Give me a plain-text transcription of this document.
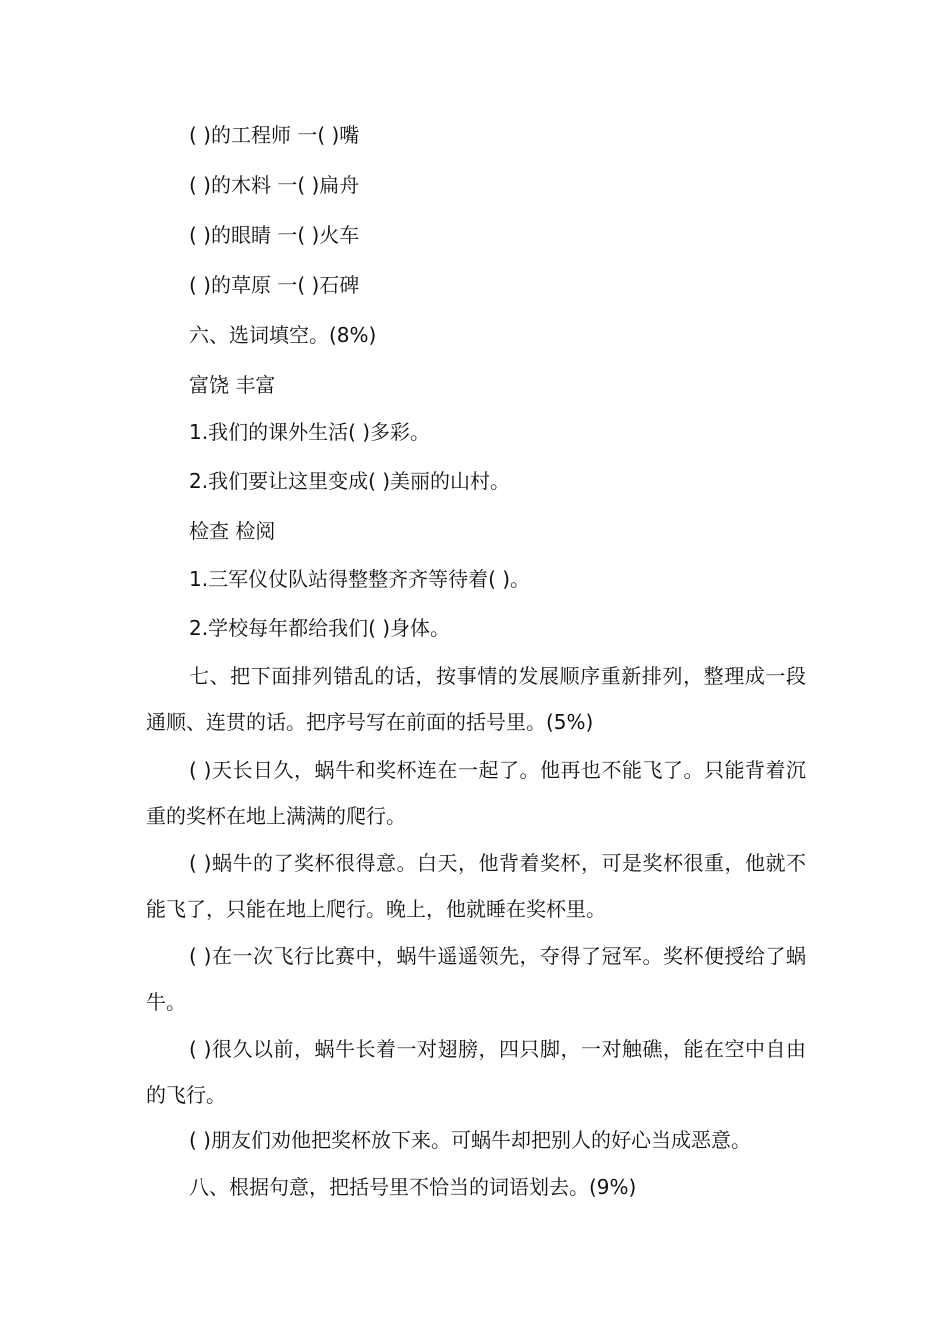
( )的工程师 一( )嘴
( )的木料 一( )扁舟
( )的眼睛 一( )火车
( )的草原 一( )石碑
六、选词填空。(8%)
富饶 丰富
1.我们的课外生活( )多彩。
2.我们要让这里变成( )美丽的山村。
检查 检阅
1.三军仪仗队站得整整齐齐等待着( )。
2.学校每年都给我们( )身体。
七、把下面排列错乱的话，按事情的发展顺序重新排列，整理成一段通顺、连贯的话。把序号写在前面的括号里。(5%)
( )天长日久，蜗牛和奖杯连在一起了。他再也不能飞了。只能背着沉重的奖杯在地上满满的爬行。
( )蜗牛的了奖杯很得意。白天，他背着奖杯，可是奖杯很重，他就不能飞了，只能在地上爬行。晚上，他就睡在奖杯里。
( )在一次飞行比赛中，蜗牛遥遥领先，夺得了冠军。奖杯便授给了蜗牛。
( )很久以前，蜗牛长着一对翅膀，四只脚，一对触礁，能在空中自由的飞行。
( )朋友们劝他把奖杯放下来。可蜗牛却把别人的好心当成恶意。
八、根据句意，把括号里不恰当的词语划去。(9%)
